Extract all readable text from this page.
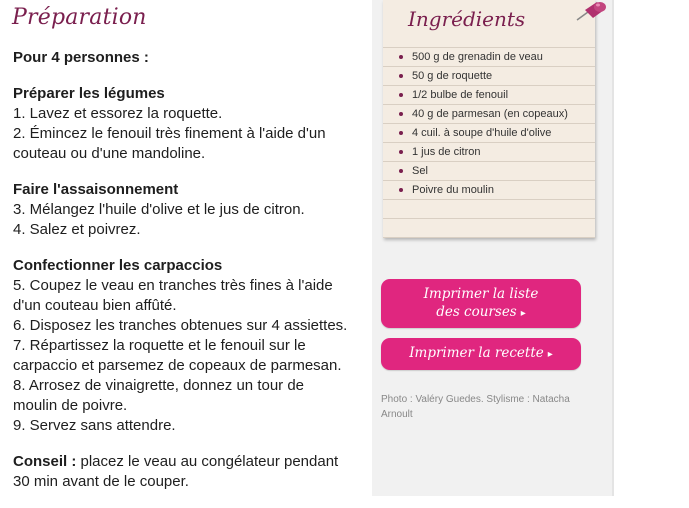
Préparation
Pour 4 personnes :
Préparer les légumes
1. Lavez et essorez la roquette.
2. Émincez le fenouil très finement à l'aide d'un
couteau ou d'une mandoline.
Faire l'assaisonnement
3. Mélangez l'huile d'olive et le jus de citron.
4. Salez et poivrez.
Confectionner les carpaccios
5. Coupez le veau en tranches très fines à l'aide
d'un couteau bien affûté.
6. Disposez les tranches obtenues sur 4 assiettes.
7. Répartissez la roquette et le fenouil sur le
carpaccio et parsemez de copeaux de parmesan.
8. Arrosez de vinaigrette, donnez un tour de
moulin de poivre.
9. Servez sans attendre.
Conseil : placez le veau au congélateur pendant
30 min avant de le couper.
Ingrédients
500 g de grenadin de veau
50 g de roquette
1/2 bulbe de fenouil
40 g de parmesan (en copeaux)
4 cuil. à soupe d'huile d'olive
1 jus de citron
Sel
Poivre du moulin
Imprimer la liste
des courses ▸
Imprimer la recette ▸
Photo : Valéry Guedes. Stylisme : Natacha Arnoult
